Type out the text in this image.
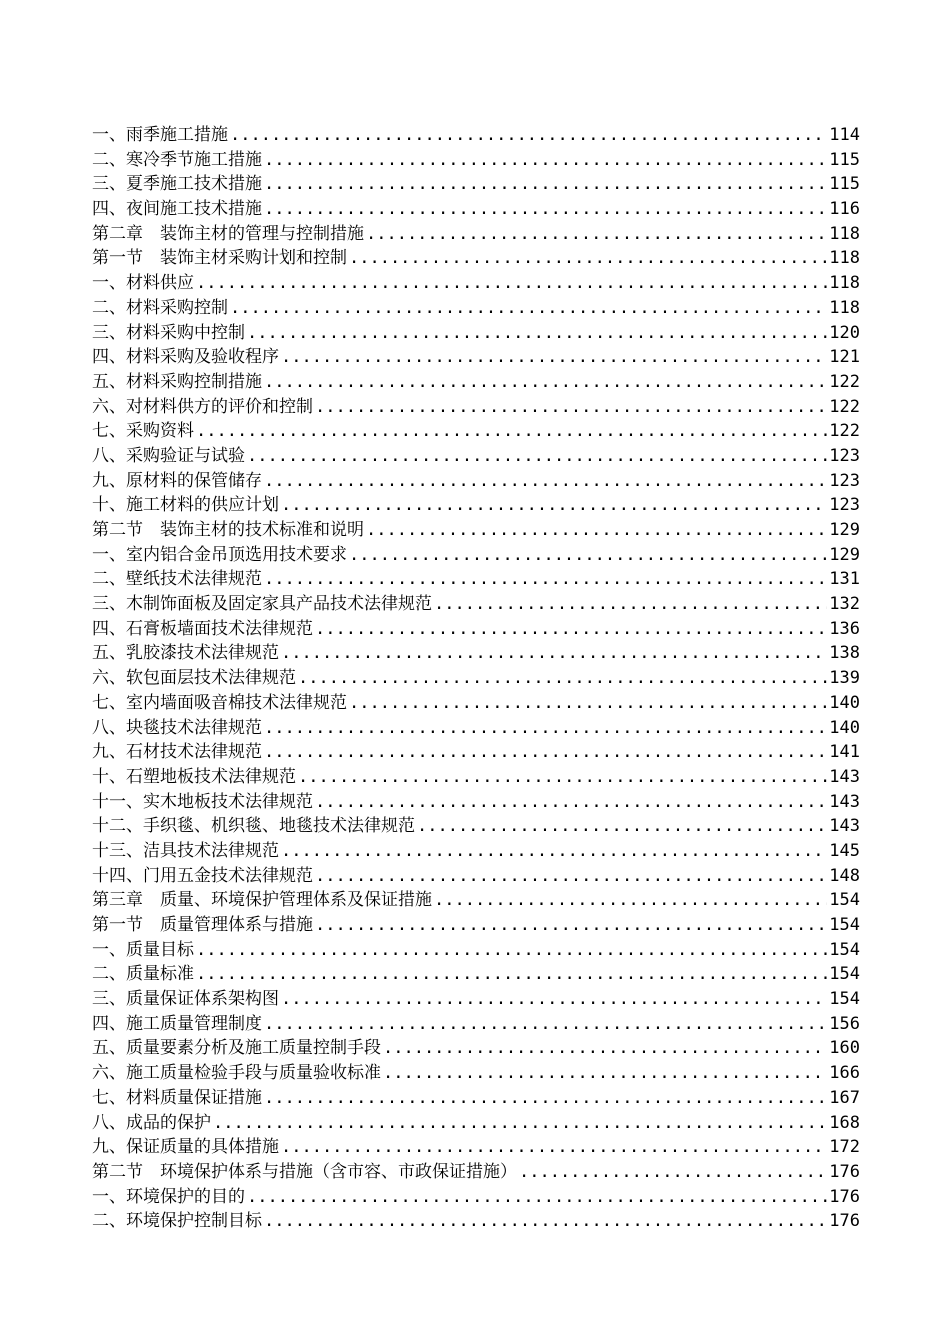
一、雨季施工措施 .....	114
二、寒冷季节施工措施 .....	115
三、夏季施工技术措施 .....	115
四、夜间施工技术措施 .....	116
第二章　装饰主材的管理与控制措施 .....	118
第一节　装饰主材采购计划和控制 .....	118
一、材料供应 .....	118
二、材料采购控制 .....	118
三、材料采购中控制 .....	120
四、材料采购及验收程序 .....	121
五、材料采购控制措施 .....	122
六、对材料供方的评价和控制 .....	122
七、采购资料 .....	122
八、采购验证与试验 .....	123
九、原材料的保管储存 .....	123
十、施工材料的供应计划 .....	123
第二节　装饰主材的技术标准和说明 .....	129
一、室内铝合金吊顶选用技术要求 .....	129
二、壁纸技术法律规范 .....	131
三、木制饰面板及固定家具产品技术法律规范 .....	132
四、石膏板墙面技术法律规范 .....	136
五、乳胶漆技术法律规范 .....	138
六、软包面层技术法律规范 .....	139
七、室内墙面吸音棉技术法律规范 .....	140
八、块毯技术法律规范 .....	140
九、石材技术法律规范 .....	141
十、石塑地板技术法律规范 .....	143
十一、实木地板技术法律规范 .....	143
十二、手织毯、机织毯、地毯技术法律规范 .....	143
十三、洁具技术法律规范 .....	145
十四、门用五金技术法律规范 .....	148
第三章　质量、环境保护管理体系及保证措施 .....	154
第一节　质量管理体系与措施 .....	154
一、质量目标 .....	154
二、质量标准 .....	154
三、质量保证体系架构图 .....	154
四、施工质量管理制度 .....	156
五、质量要素分析及施工质量控制手段 .....	160
六、施工质量检验手段与质量验收标准 .....	166
七、材料质量保证措施 .....	167
八、成品的保护 .....	168
九、保证质量的具体措施 .....	172
第二节　环境保护体系与措施（含市容、市政保证措施） .....	176
一、环境保护的目的 .....	176
二、环境保护控制目标 .....	176
